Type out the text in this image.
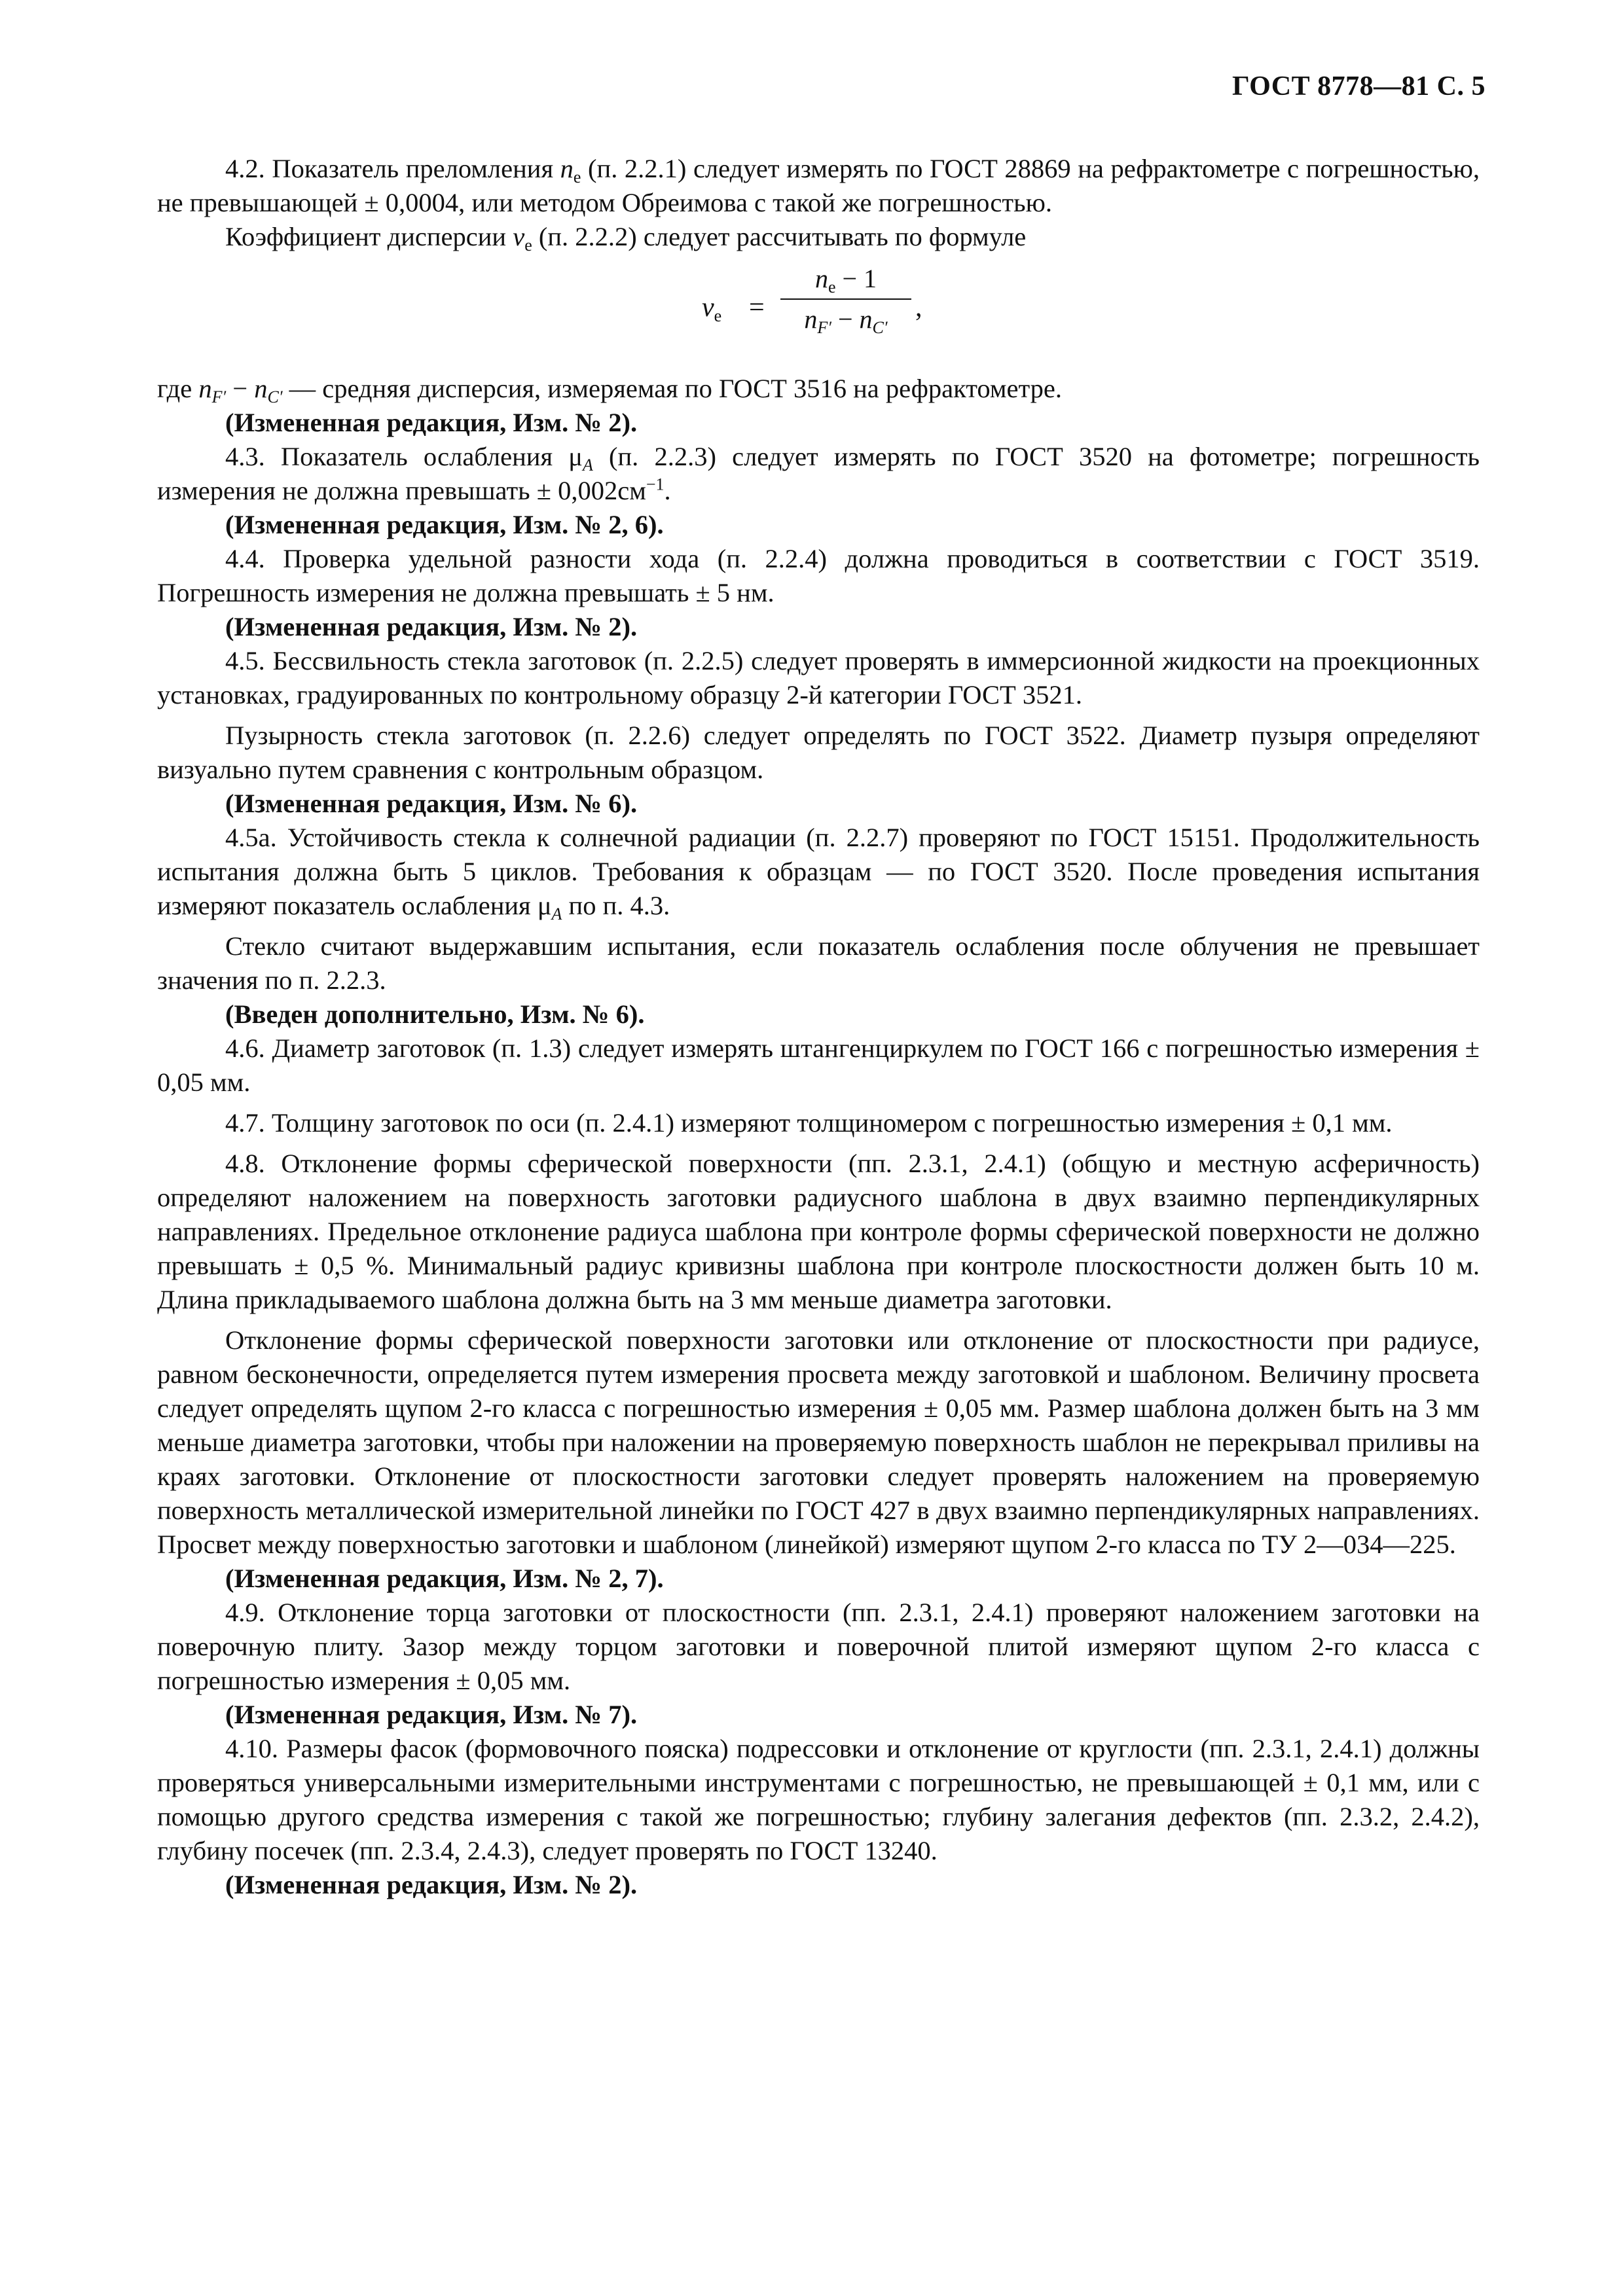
ГОСТ 8778—81 С. 5

4.2. Показатель преломления $n_e$ (п. 2.2.1) следует измерять по ГОСТ 28869 на рефрактометре с погрешностью, не превышающей ± 0,0004, или методом Обреимова с такой же погрешностью.

Коэффициент дисперсии $\nu_e$ (п. 2.2.2) следует рассчитывать по формуле

$\nu_e$ =
$n_e - 1$
$n_{F'} - n_{C'}$
,

где $n_{F'} - n_{C'}$ — средняя дисперсия, измеряемая по ГОСТ 3516 на рефрактометре.

(Измененная редакция, Изм. № 2).

4.3. Показатель ослабления $\mu_A$ (п. 2.2.3) следует измерять по ГОСТ 3520 на фотометре; погрешность измерения не должна превышать ± $0,002см^{-1}$.

(Измененная редакция, Изм. № 2, 6).

4.4. Проверка удельной разности хода (п. 2.2.4) должна проводиться в соответствии с ГОСТ 3519. Погрешность измерения не должна превышать ± 5 нм.

(Измененная редакция, Изм. № 2).

4.5. Бессвильность стекла заготовок (п. 2.2.5) следует проверять в иммерсионной жидкости на проекционных установках, градуированных по контрольному образцу 2-й категории ГОСТ 3521.

Пузырность стекла заготовок (п. 2.2.6) следует определять по ГОСТ 3522. Диаметр пузыря определяют визуально путем сравнения с контрольным образцом.

(Измененная редакция, Изм. № 6).

4.5а. Устойчивость стекла к солнечной радиации (п. 2.2.7) проверяют по ГОСТ 15151. Продолжительность испытания должна быть 5 циклов. Требования к образцам — по ГОСТ 3520. После проведения испытания измеряют показатель ослабления $\mu_A$ по п. 4.3.

Стекло считают выдержавшим испытания, если показатель ослабления после облучения не превышает значения по п. 2.2.3.

(Введен дополнительно, Изм. № 6).

4.6. Диаметр заготовок (п. 1.3) следует измерять штангенциркулем по ГОСТ 166 с погрешностью измерения ± 0,05 мм.

4.7. Толщину заготовок по оси (п. 2.4.1) измеряют толщиномером с погрешностью измерения ± 0,1 мм.

4.8. Отклонение формы сферической поверхности (пп. 2.3.1, 2.4.1) (общую и местную асферичность) определяют наложением на поверхность заготовки радиусного шаблона в двух взаимно перпендикулярных направлениях. Предельное отклонение радиуса шаблона при контроле формы сферической поверхности не должно превышать ± 0,5 %. Минимальный радиус кривизны шаблона при контроле плоскостности должен быть 10 м. Длина прикладываемого шаблона должна быть на 3 мм меньше диаметра заготовки.

Отклонение формы сферической поверхности заготовки или отклонение от плоскостности при радиусе, равном бесконечности, определяется путем измерения просвета между заготовкой и шаблоном. Величину просвета следует определять щупом 2-го класса с погрешностью измерения ± 0,05 мм. Размер шаблона должен быть на 3 мм меньше диаметра заготовки, чтобы при наложении на проверяемую поверхность шаблон не перекрывал приливы на краях заготовки. Отклонение от плоскостности заготовки следует проверять наложением на проверяемую поверхность металлической измерительной линейки по ГОСТ 427 в двух взаимно перпендикулярных направлениях. Просвет между поверхностью заготовки и шаблоном (линейкой) измеряют щупом 2-го класса по ТУ 2—034—225.

(Измененная редакция, Изм. № 2, 7).

4.9. Отклонение торца заготовки от плоскостности (пп. 2.3.1, 2.4.1) проверяют наложением заготовки на поверочную плиту. Зазор между торцом заготовки и поверочной плитой измеряют щупом 2-го класса с погрешностью измерения ± 0,05 мм.

(Измененная редакция, Изм. № 7).

4.10. Размеры фасок (формовочного пояска) подрессовки и отклонение от круглости (пп. 2.3.1, 2.4.1) должны проверяться универсальными измерительными инструментами с погрешностью, не превышающей ± 0,1 мм, или с помощью другого средства измерения с такой же погрешностью; глубину залегания дефектов (пп. 2.3.2, 2.4.2), глубину посечек (пп. 2.3.4, 2.4.3), следует проверять по ГОСТ 13240.

(Измененная редакция, Изм. № 2).
